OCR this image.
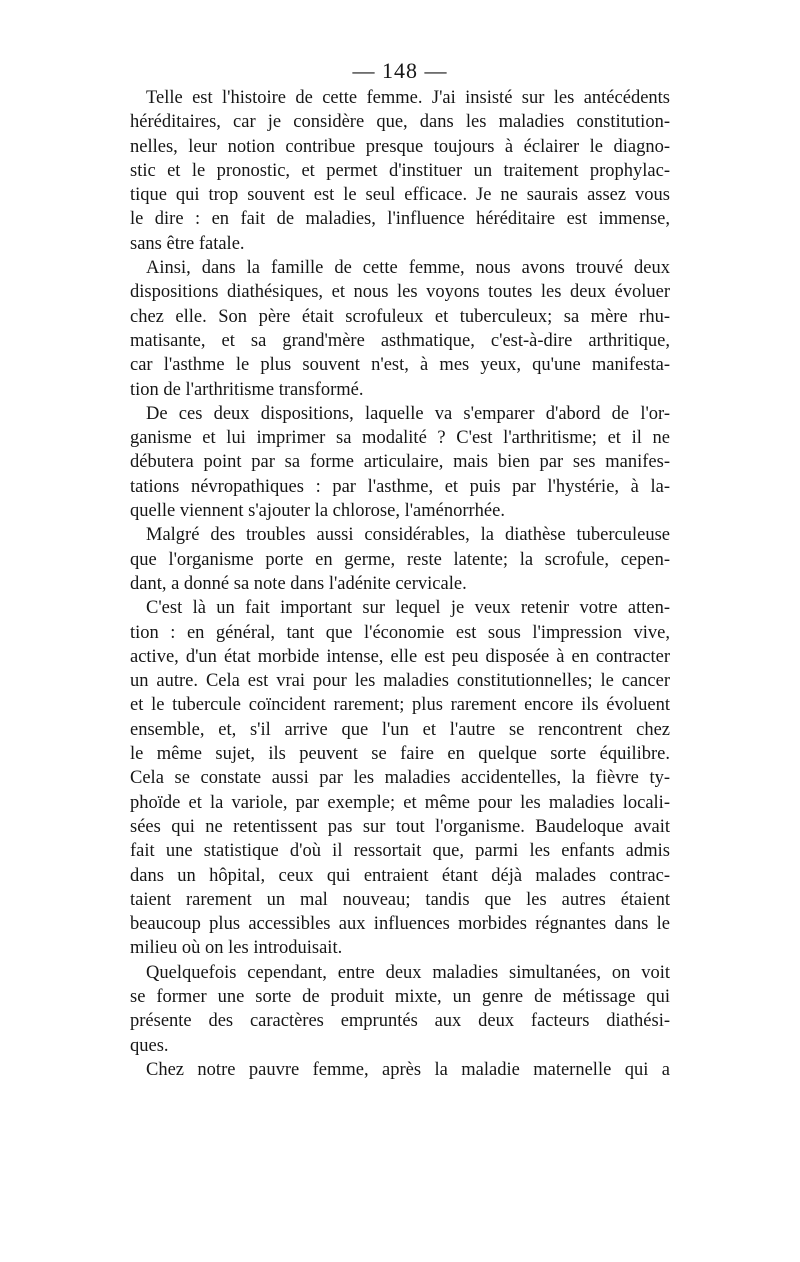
— 148 —
Telle est l'histoire de cette femme. J'ai insisté sur les antécédents
héréditaires, car je considère que, dans les maladies constitution-
nelles, leur notion contribue presque toujours à éclairer le diagno-
stic et le pronostic, et permet d'instituer un traitement prophylac-
tique qui trop souvent est le seul efficace. Je ne saurais assez vous
le dire : en fait de maladies, l'influence héréditaire est immense,
sans être fatale.
Ainsi, dans la famille de cette femme, nous avons trouvé deux
dispositions diathésiques, et nous les voyons toutes les deux évoluer
chez elle. Son père était scrofuleux et tuberculeux; sa mère rhu-
matisante, et sa grand'mère asthmatique, c'est-à-dire arthritique,
car l'asthme le plus souvent n'est, à mes yeux, qu'une manifesta-
tion de l'arthritisme transformé.
De ces deux dispositions, laquelle va s'emparer d'abord de l'or-
ganisme et lui imprimer sa modalité ? C'est l'arthritisme; et il ne
débutera point par sa forme articulaire, mais bien par ses manifes-
tations névropathiques : par l'asthme, et puis par l'hystérie, à la-
quelle viennent s'ajouter la chlorose, l'aménorrhée.
Malgré des troubles aussi considérables, la diathèse tuberculeuse
que l'organisme porte en germe, reste latente; la scrofule, cepen-
dant, a donné sa note dans l'adénite cervicale.
C'est là un fait important sur lequel je veux retenir votre atten-
tion : en général, tant que l'économie est sous l'impression vive,
active, d'un état morbide intense, elle est peu disposée à en contracter
un autre. Cela est vrai pour les maladies constitutionnelles; le cancer
et le tubercule coïncident rarement; plus rarement encore ils évoluent
ensemble, et, s'il arrive que l'un et l'autre se rencontrent chez
le même sujet, ils peuvent se faire en quelque sorte équilibre.
Cela se constate aussi par les maladies accidentelles, la fièvre ty-
phoïde et la variole, par exemple; et même pour les maladies locali-
sées qui ne retentissent pas sur tout l'organisme. Baudeloque avait
fait une statistique d'où il ressortait que, parmi les enfants admis
dans un hôpital, ceux qui entraient étant déjà malades contrac-
taient rarement un mal nouveau; tandis que les autres étaient
beaucoup plus accessibles aux influences morbides régnantes dans le
milieu où on les introduisait.
Quelquefois cependant, entre deux maladies simultanées, on voit
se former une sorte de produit mixte, un genre de métissage qui
présente des caractères empruntés aux deux facteurs diathési-
ques.
Chez notre pauvre femme, après la maladie maternelle qui a
